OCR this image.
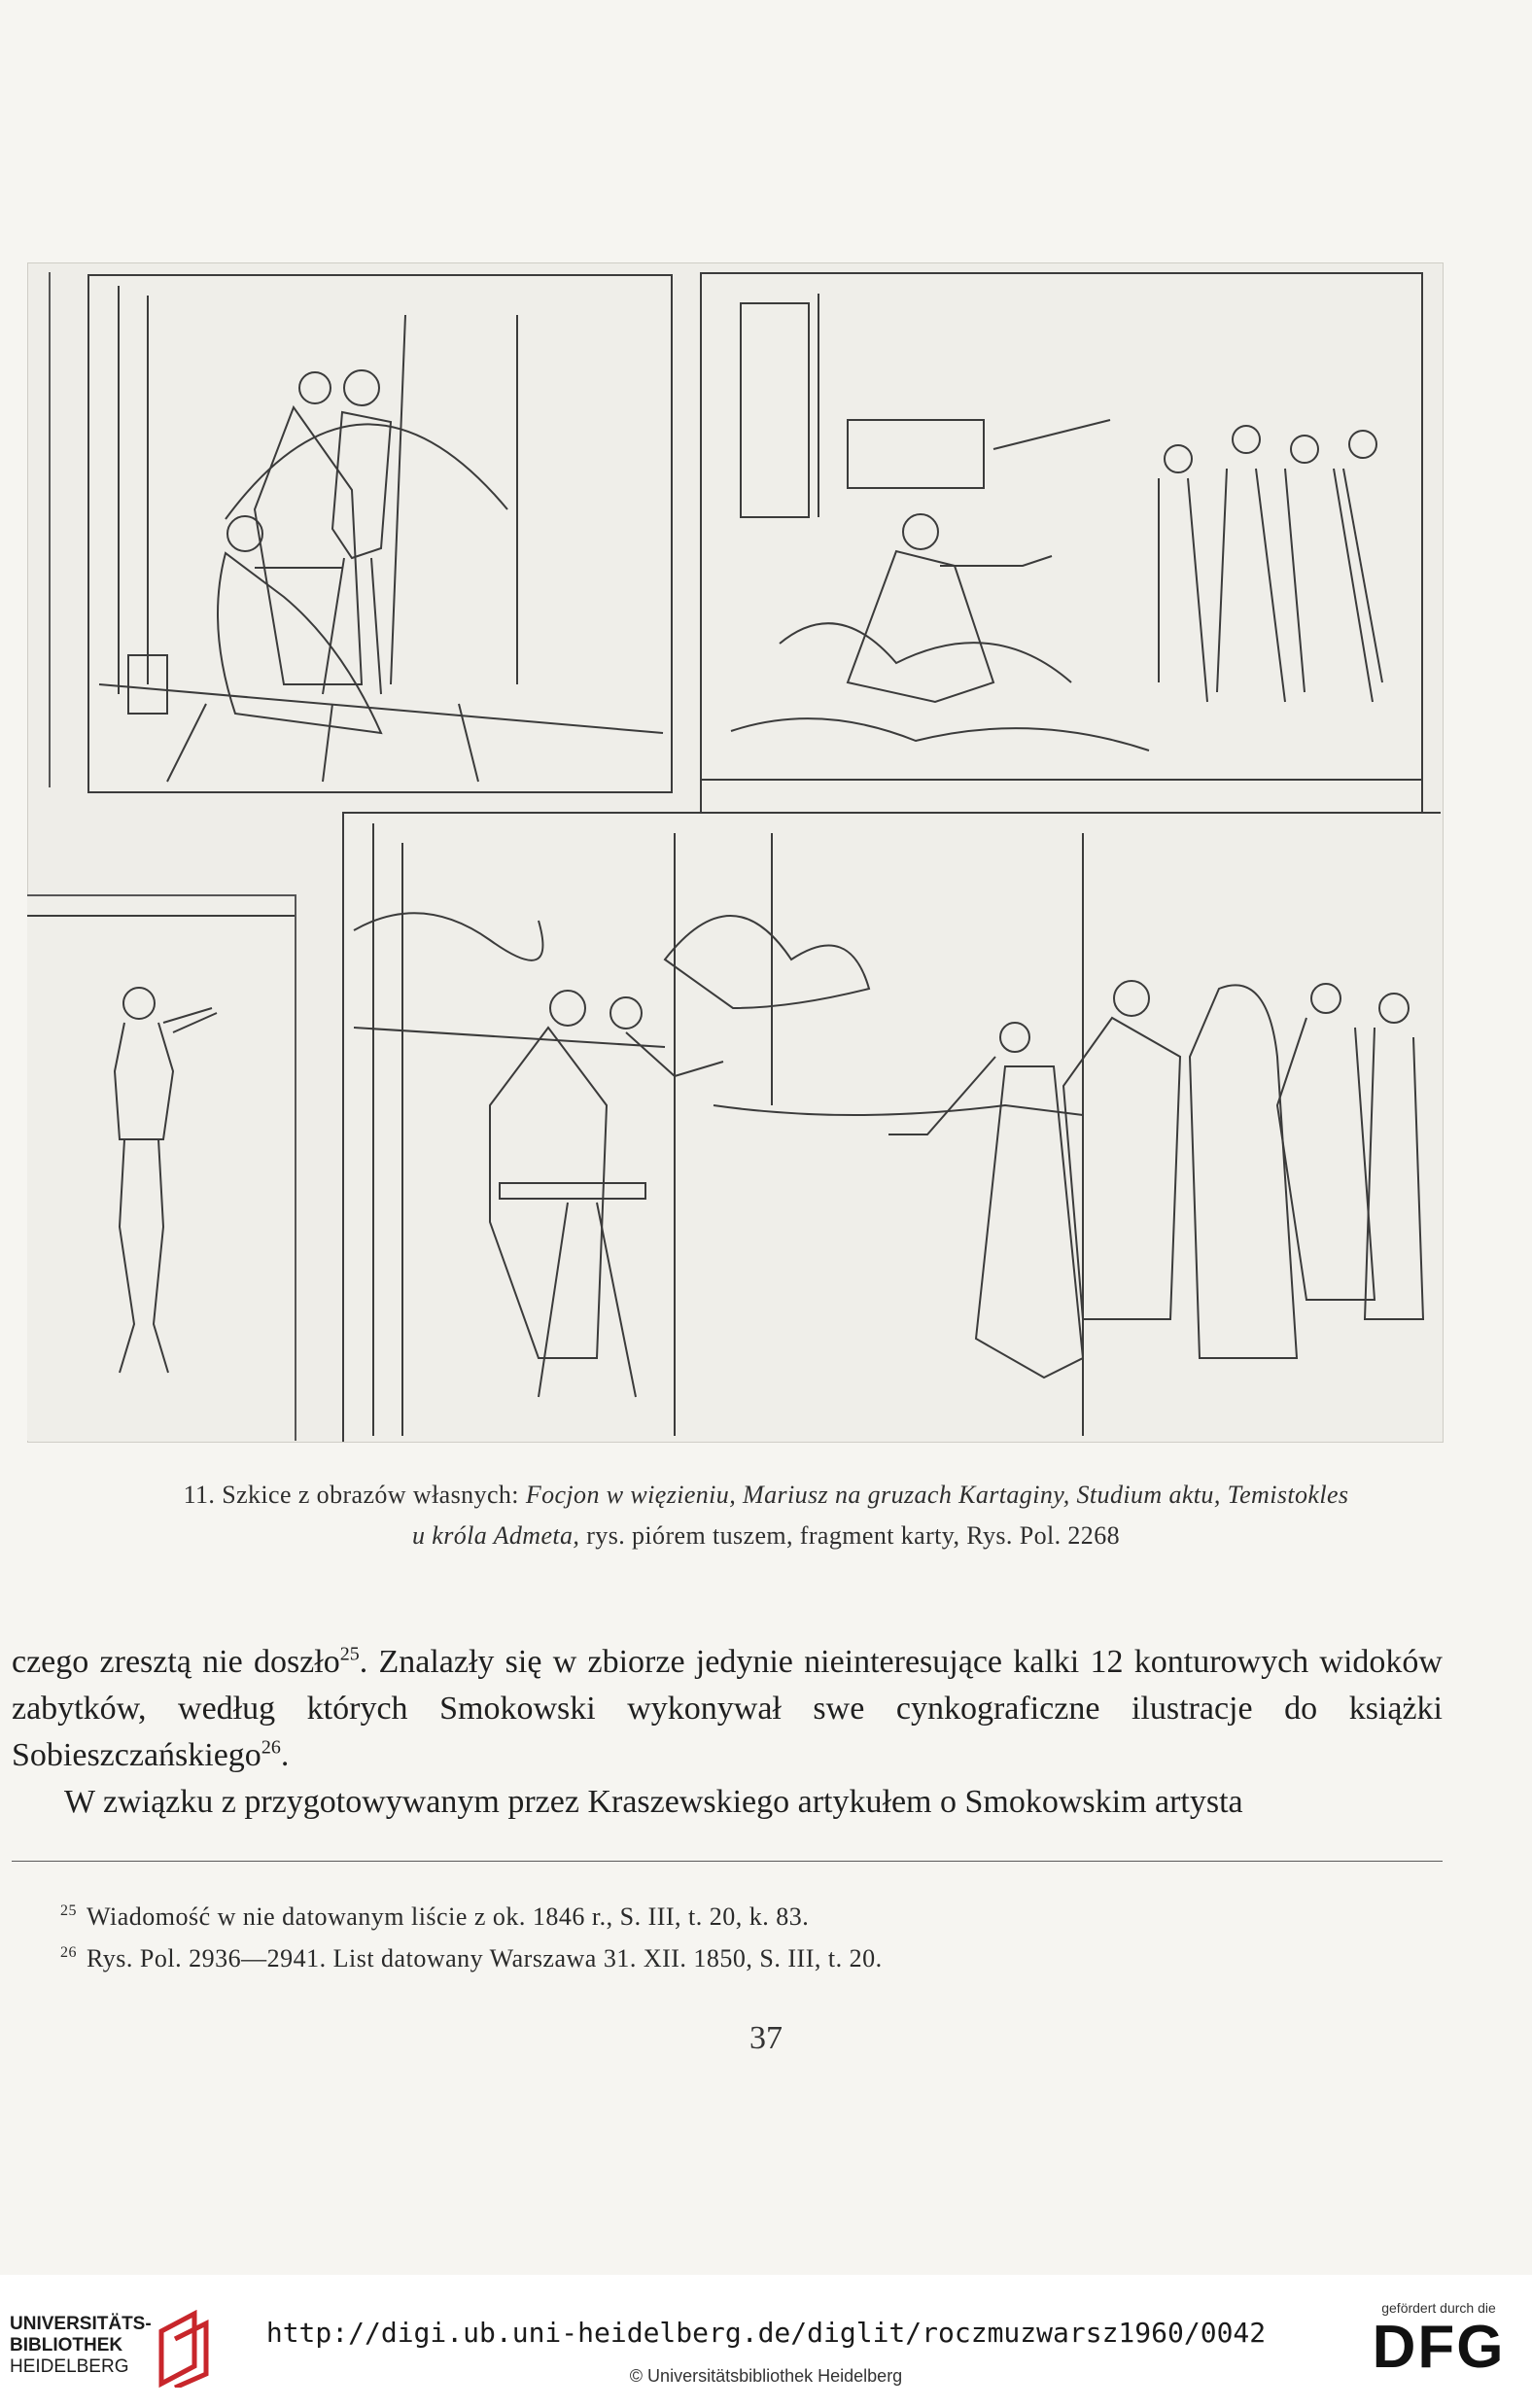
11. Szkice z obrazów własnych: Focjon w więzieniu, Mariusz na gruzach Kartaginy, Studium aktu, Temistokles
u króla Admeta, rys. piórem tuszem, fragment karty, Rys. Pol. 2268

czego zresztą nie doszło$^{25}$. Znalazły się w zbiorze jedynie nieinteresujące kalki 12 konturowych widoków zabytków, według których Smokowski wykonywał swe cynkograficzne ilustracje do książki Sobieszczańskiego$^{26}$.

W związku z przygotowywanym przez Kraszewskiego artykułem o Smokowskim artysta

$^{25}$ Wiadomość w nie datowanym liście z ok. 1846 r., S. III, t. 20, k. 83.
$^{26}$ Rys. Pol. 2936—2941. List datowany Warszawa 31. XII. 1850, S. III, t. 20.
37
UNIVERSITÄTS-
BIBLIOTHEK
HEIDELBERG
http://digi.ub.uni-heidelberg.de/diglit/roczmuzwarsz1960/0042
© Universitätsbibliothek Heidelberg
gefördert durch die
DFG
